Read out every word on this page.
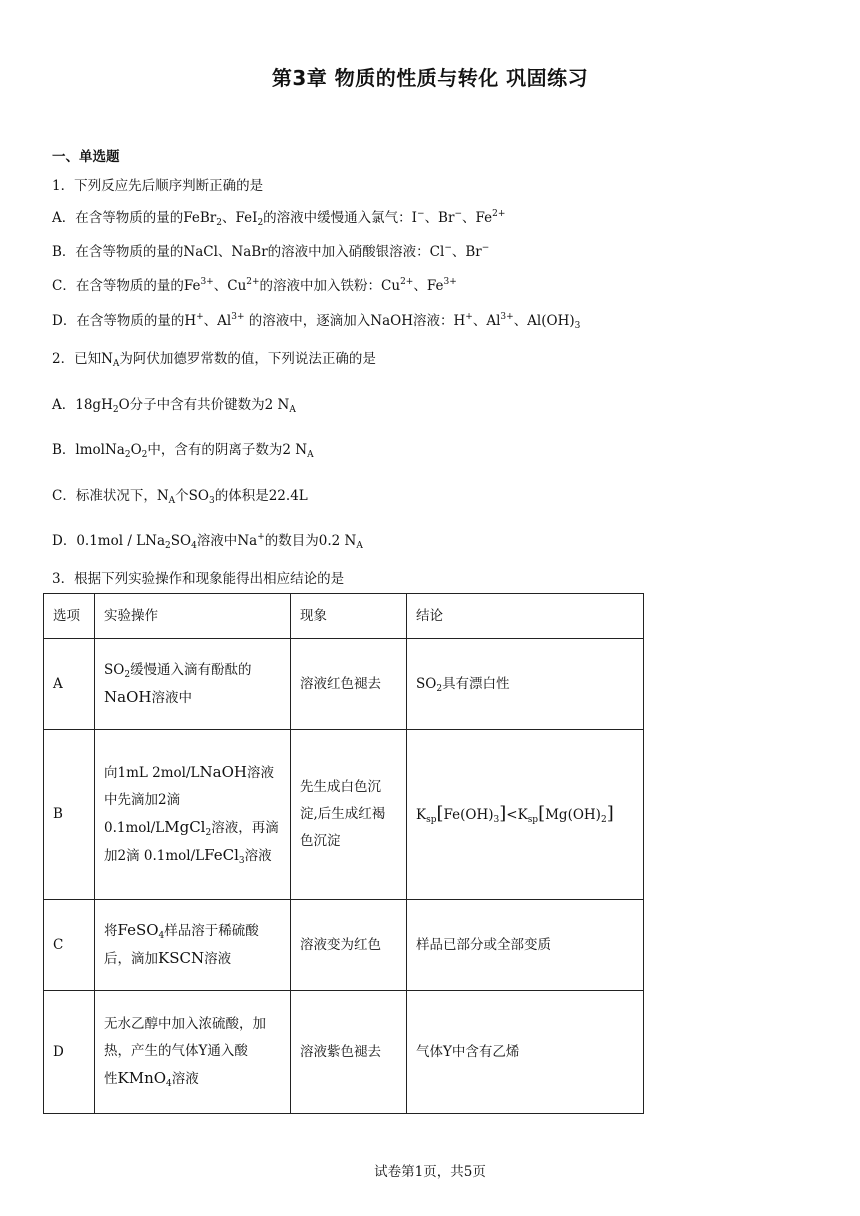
第3章 物质的性质与转化 巩固练习
一、单选题
1．下列反应先后顺序判断正确的是
A．在含等物质的量的FeBr$_2$、FeI$_2$的溶液中缓慢通入氯气：I−、Br−、$Fe^{2+}$
B．在含等物质的量的NaCl、NaBr的溶液中加入硝酸银溶液：Cl−、Br−
C．在含等物质的量的$Fe^{3+}$、$Cu^{2+}$的溶液中加入铁粉：$Cu^{2+}$、$Fe^{3+}$
D．在含等物质的量的H+、$Al^{3+}$ 的溶液中，逐滴加入NaOH溶液：H+、$Al^{3+}$、$Al(OH)_3$
2．已知$N_A$为阿伏加德罗常数的值，下列说法正确的是
A．$18gH_2O$分子中含有共价键数为2 $N_A$
B．$lmolNa_2O_2$中，含有的阴离子数为2 $N_A$
C．标准状况下，$N_A$个$SO_3$的体积是22.4L
D．$0.1mol / LNa_2SO_4$溶液中Na+的数目为0.2 $N_A$
3．根据下列实验操作和现象能得出相应结论的是
选项	实验操作	现象	结论
A	$SO_2$缓慢通入滴有酚酞的
NaOH溶液中	溶液红色褪去	$SO_2$具有漂白性
B	向1mL 2mol/LNaOH溶液
中先滴加2滴
0.1mol/LMgCl$_2$溶液，再滴
加2滴 0.1mol/LFeCl$_3$溶液	先生成白色沉淀,后生成红褐色沉淀	$K_{sp}[Fe(OH)_3]<K_{sp}[Mg(OH)_2]$
C	将FeSO$_4$样品溶于稀硫酸
后，滴加KSCN溶液	溶液变为红色	样品已部分或全部变质
D	无水乙醇中加入浓硫酸，加
热，产生的气体Y通入酸
性KMnO$_4$溶液	溶液紫色褪去	气体Y中含有乙烯
试卷第1页，共5页
